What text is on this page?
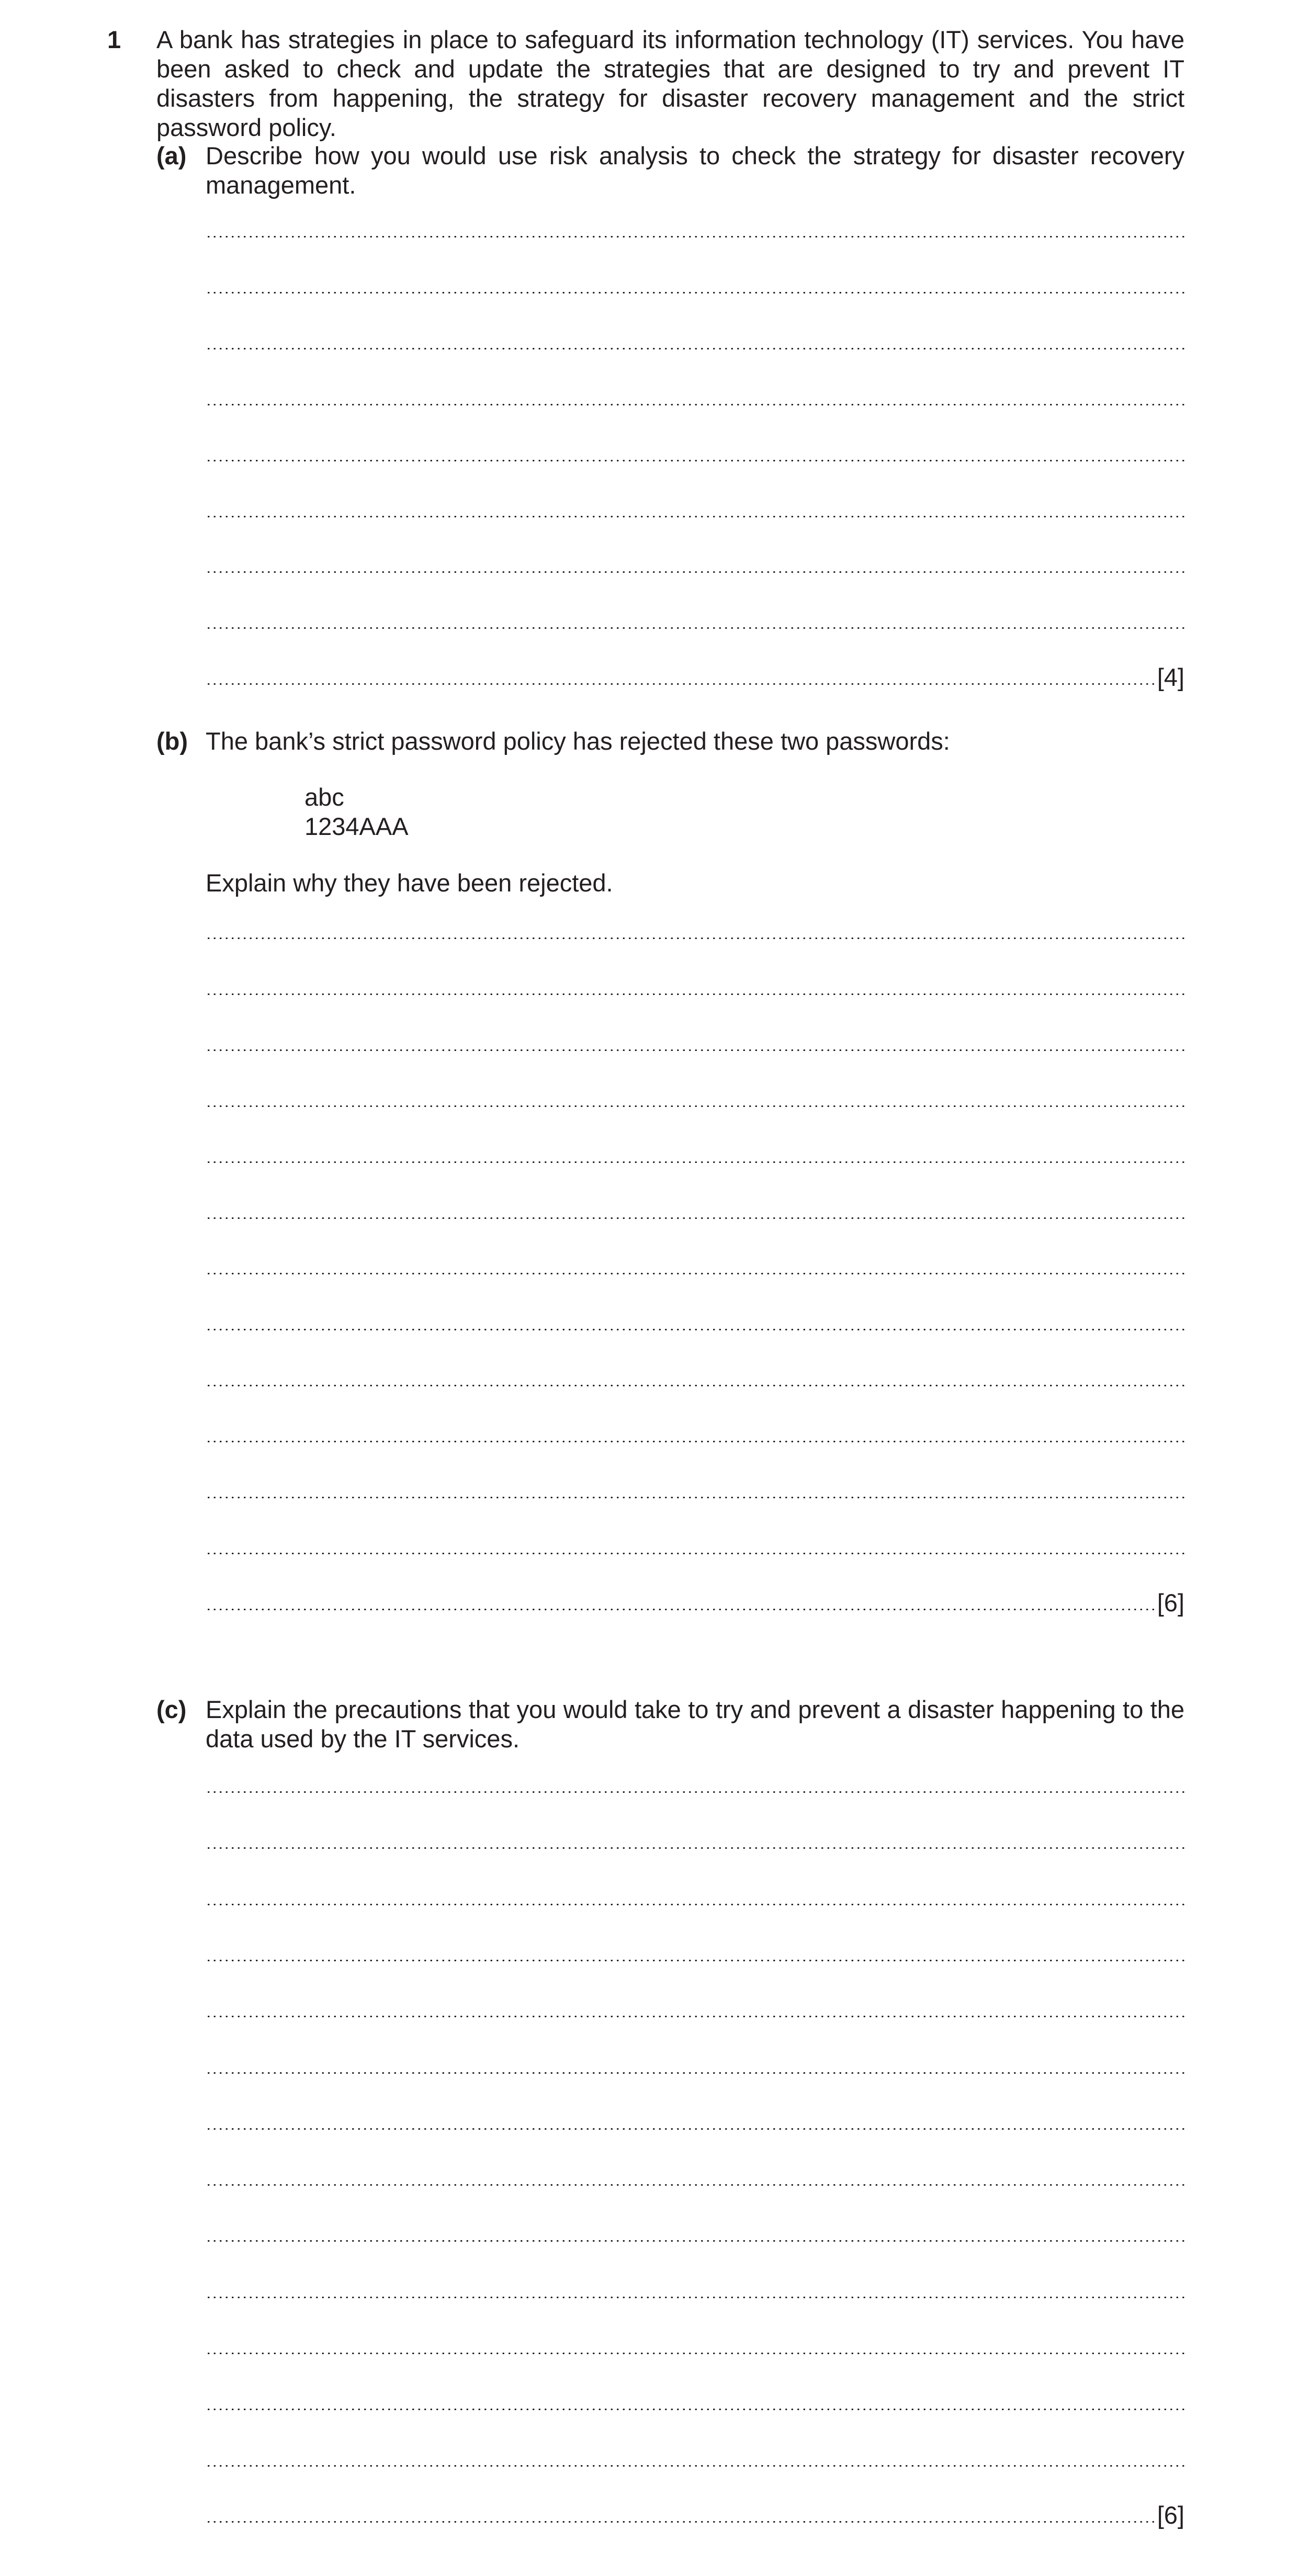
1 A bank has strategies in place to safeguard its information technology (IT) services. You have been asked to check and update the strategies that are designed to try and prevent IT disasters from happening, the strategy for disaster recovery management and the strict password policy.
(a) Describe how you would use risk analysis to check the strategy for disaster recovery management.
[4]
(b) The bank’s strict password policy has rejected these two passwords:
abc
1234AAA
Explain why they have been rejected.
[6]
(c) Explain the precautions that you would take to try and prevent a disaster happening to the data used by the IT services.
[6]
